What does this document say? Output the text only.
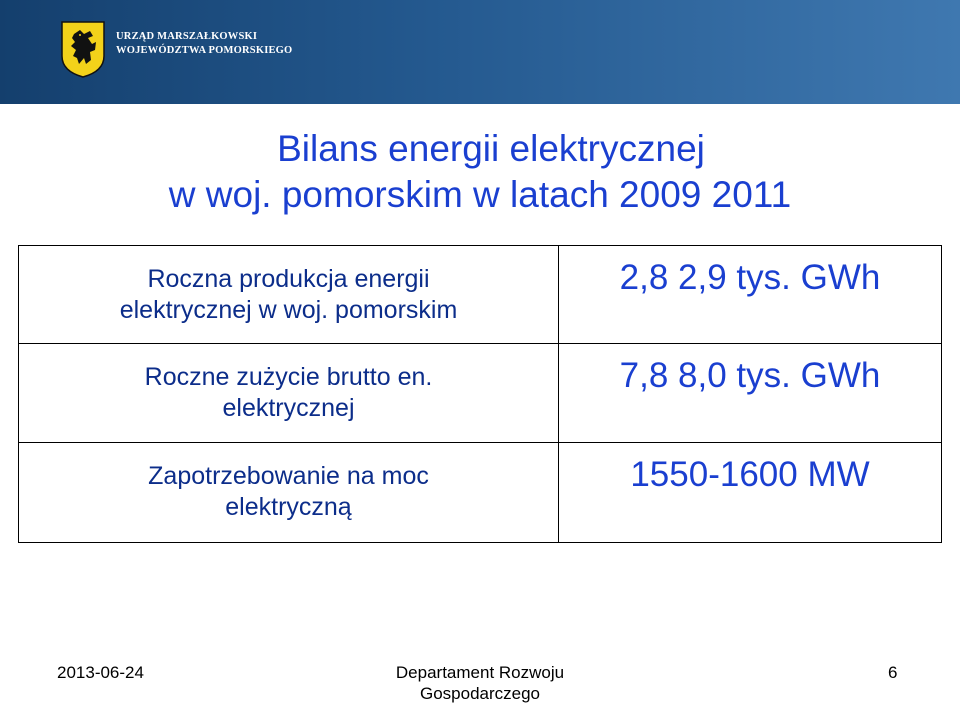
URZĄD MARSZAŁKOWSKI
WOJEWÓDZTWA POMORSKIEGO
Bilans energii elektrycznej
w woj. pomorskim w latach 2009 2011
Roczna produkcja energii
elektrycznej w woj. pomorskim	2,8 2,9 tys. GWh

Roczne zużycie brutto en.
elektrycznej	7,8 8,0 tys. GWh

Zapotrzebowanie na moc
elektryczną	1550-1600 MW
2013-06-24	Departament Rozwoju
Gospodarczego
6
